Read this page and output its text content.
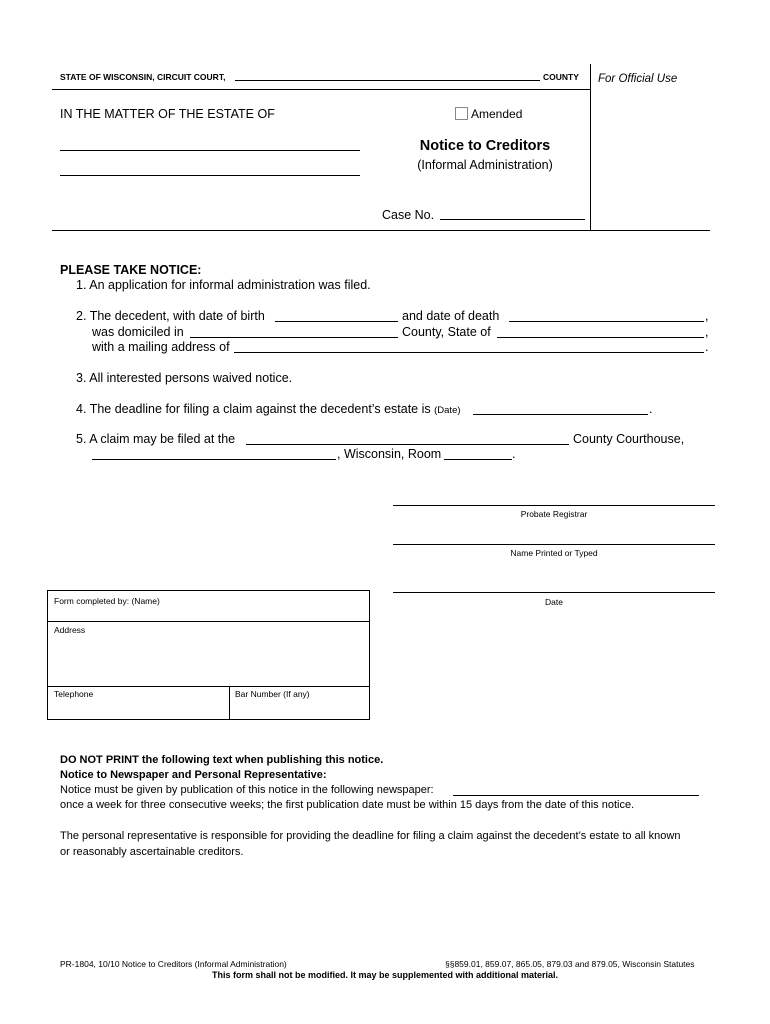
STATE OF WISCONSIN, CIRCUIT COURT,	COUNTY For Official Use
IN THE MATTER OF THE ESTATE OF	Amended
Notice to Creditors
(Informal Administration)
Case No.
PLEASE TAKE NOTICE:
1. An application for informal administration was filed.
2. The decedent, with date of birth	and date of death	,
was domiciled in	County, State of	,
with a mailing address of	.
3. All interested persons waived notice.
4. The deadline for filing a claim against the decedent’s estate is (Date)	.
5. A claim may be filed at the	County Courthouse,
, Wisconsin, Room	.
Probate Registrar
Name Printed or Typed
Date
Form completed by: (Name)
Address
Telephone	Bar Number (If any)
DO NOT PRINT the following text when publishing this notice.
Notice to Newspaper and Personal Representative:
Notice must be given by publication of this notice in the following newspaper:
once a week for three consecutive weeks; the first publication date must be within 15 days from the date of this notice.
The personal representative is responsible for providing the deadline for filing a claim against the decedent’s estate to all known
or reasonably ascertainable creditors.
PR-1804, 10/10 Notice to Creditors (Informal Administration)	§§859.01, 859.07, 865.05, 879.03 and 879.05, Wisconsin Statutes
This form shall not be modified. It may be supplemented with additional material.
